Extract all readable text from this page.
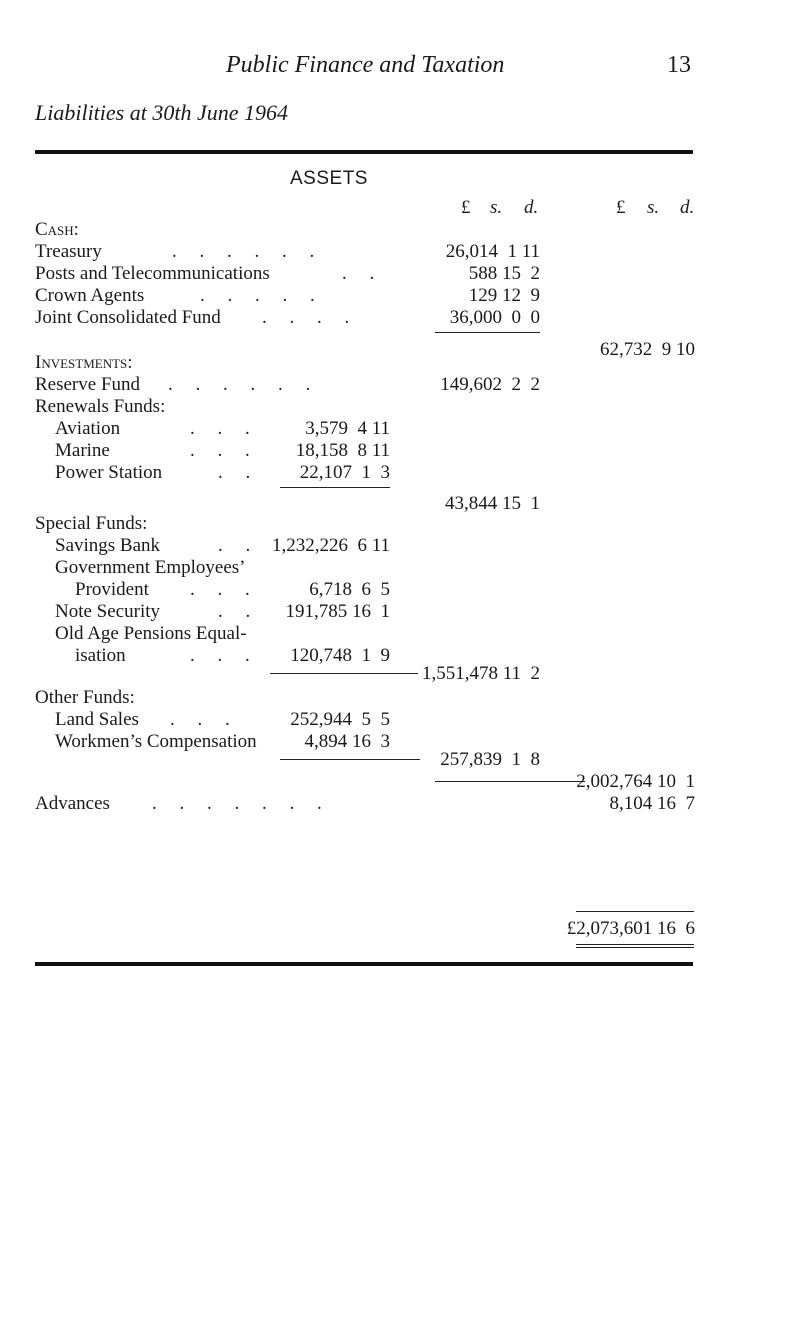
Public Finance and Taxation	13
Liabilities at 30th June 1964
ASSETS
£ s. d.	£ s. d.
Cash:
Treasury	. . . . . .	26,014  1 11
Posts and Telecommunications	. .	588 15  2
Crown Agents	. . . . .	129 12  9
Joint Consolidated Fund . . . .	36,000  0  0
62,732  9 10
Investments:
Reserve Fund . . . . . .	149,602  2  2
Renewals Funds:
Aviation	. . . 3,579  4 11
Marine	. . . 18,158  8 11
Power Station	. . 22,107  1  3
43,844 15  1
Special Funds:
Savings Bank	. . 1,232,226  6 11
Government Employees’
Provident . . .	6,718  6  5
Note Security	. . 191,785 16  1
Old Age Pensions Equal-
isation	. . . 120,748  1  9
1,551,478 11  2
Other Funds:
Land Sales . . .	252,944  5  5
Workmen’s Compensation	4,894 16  3
257,839  1  8
2,002,764 10  1
Advances . . . . . . .	8,104 16  7
£2,073,601 16  6
